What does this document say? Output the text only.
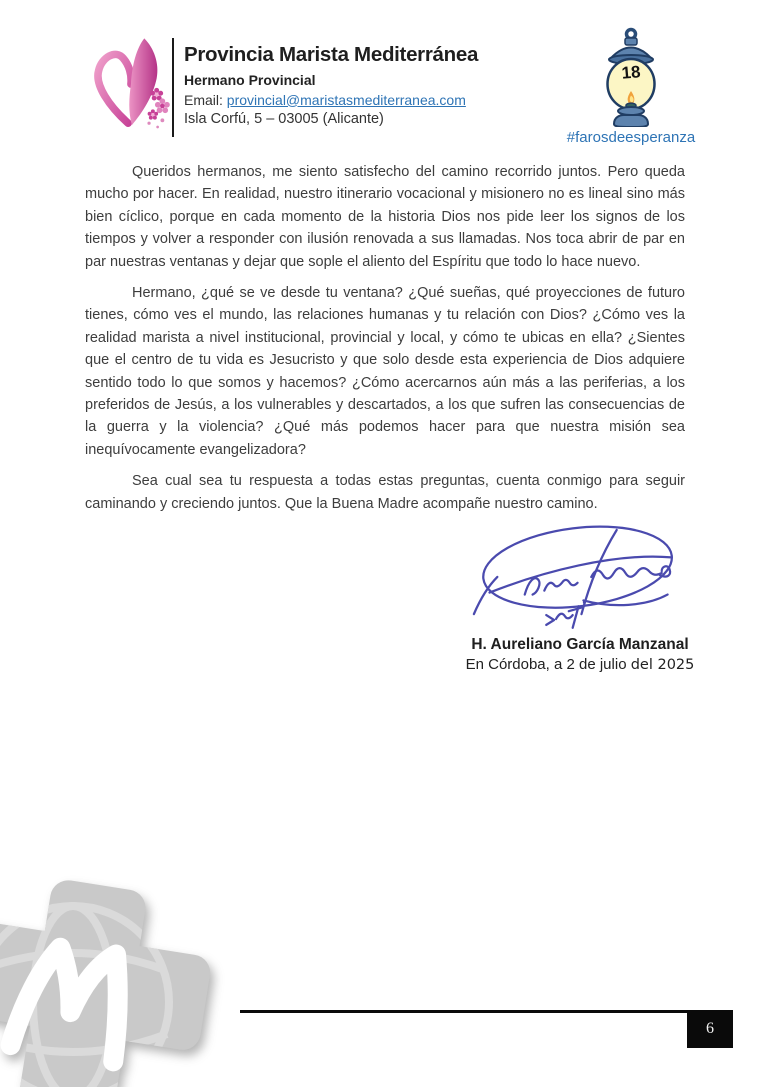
Provincia Marista Mediterránea
Hermano Provincial
Email: provincial@maristasmediterranea.com
Isla Corfú, 5 – 03005 (Alicante)
18
#farosdeesperanza

Queridos hermanos, me siento satisfecho del camino recorrido juntos. Pero queda mucho por hacer. En realidad, nuestro itinerario vocacional y misionero no es lineal sino más bien cíclico, porque en cada momento de la historia Dios nos pide leer los signos de los tiempos y volver a responder con ilusión renovada a sus llamadas. Nos toca abrir de par en par nuestras ventanas y dejar que sople el aliento del Espíritu que todo lo hace nuevo.

Hermano, ¿qué se ve desde tu ventana? ¿Qué sueñas, qué proyecciones de futuro tienes, cómo ves el mundo, las relaciones humanas y tu relación con Dios? ¿Cómo ves la realidad marista a nivel institucional, provincial y local, y cómo te ubicas en ella? ¿Sientes que el centro de tu vida es Jesucristo y que solo desde esta experiencia de Dios adquiere sentido todo lo que somos y hacemos? ¿Cómo acercarnos aún más a las periferias, a los preferidos de Jesús, a los vulnerables y descartados, a los que sufren las consecuencias de la guerra y la violencia? ¿Qué más podemos hacer para que nuestra misión sea inequívocamente evangelizadora?

Sea cual sea tu respuesta a todas estas preguntas, cuenta conmigo para seguir caminando y creciendo juntos. Que la Buena Madre acompañe nuestro camino.

H. Aureliano García Manzanal
En Córdoba, a 2 de julio del 2025
6
